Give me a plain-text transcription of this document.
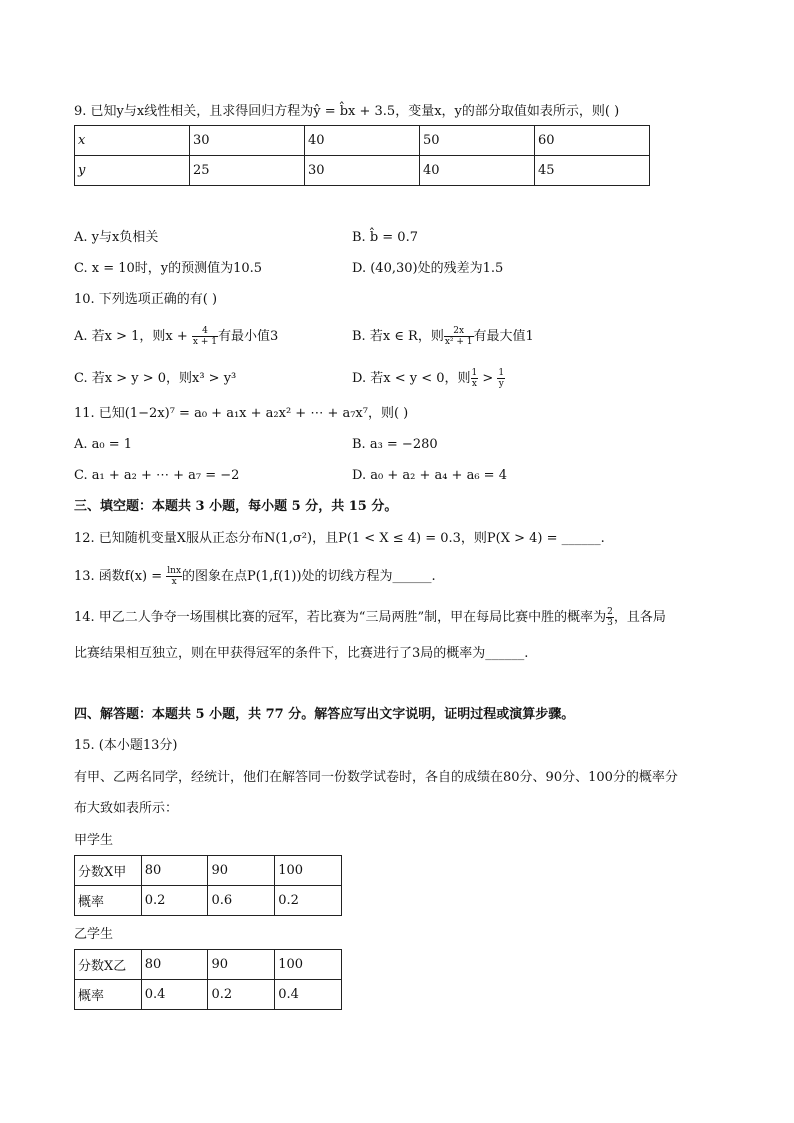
9. 已知y与x线性相关，且求得回归方程为ŷ = b̂x + 3.5，变量x，y的部分取值如表所示，则( )
x	30	40	50	60
y	25	30	40	45
A. y与x负相关	B. b̂ = 0.7
C. x = 10时，y的预测值为10.5	D. (40,30)处的残差为1.5
10. 下列选项正确的有( )
A. 若x > 1，则$x + \frac{4}{x + 1}$ 有最小值3	B. 若x ∈ R，则 $\frac{2x}{\text{x² + 1}}$ 有最大值1
C. 若x > y > 0，则x³ > y³	D. 若x < y < 0，则 $\frac{1}{x} > \frac{1}{y}$
11. 已知(1−2x)⁷ = a₀ + a₁x + a₂x² + ⋯ + a₇x⁷，则( )
A. a₀ = 1	B. a₃ = −280
C. a₁ + a₂ + ⋯ + a₇ = −2	D. a₀ + a₂ + a₄ + a₆ = 4
三、填空题：本题共 3 小题，每小题 5 分，共 15 分。
12. 已知随机变量X服从正态分布N(1,σ²)，且P(1 < X ≤ 4) = 0.3，则P(X > 4) = ______.
13. 函数$f(x) = \frac{\ln x}{x}$ 的图象在点P(1,f(1))处的切线方程为______.
14. 甲乙二人争夺一场围棋比赛的冠军，若比赛为“三局两胜”制，甲在每局比赛中胜的概率为 $\frac{2}{3}$ ，且各局
比赛结果相互独立，则在甲获得冠军的条件下，比赛进行了3局的概率为______.
四、解答题：本题共 5 小题，共 77 分。解答应写出文字说明，证明过程或演算步骤。
15. (本小题13分)
有甲、乙两名同学，经统计，他们在解答同一份数学试卷时，各自的成绩在80分、90分、100分的概率分
布大致如表所示：
甲学生
分数X甲	80	90	100
概率	0.2	0.6	0.2
乙学生
分数X乙	80	90	100
概率	0.4	0.2	0.4
